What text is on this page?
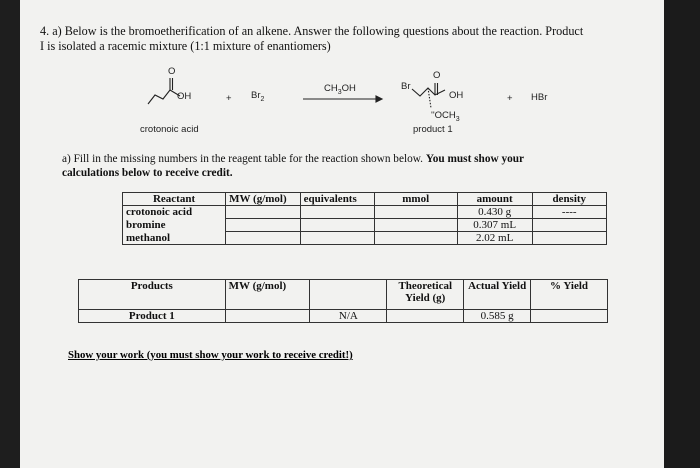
4. a) Below is the bromoetherification of an alkene. Answer the following questions about the reaction. Product
I is isolated a racemic mixture (1:1 mixture of enantiomers)
O
OH	+ $Br_2$
$CH_3OH$	Br
O
OH
''$OCH_3$
+ HBr
crotonoic acid	product 1
a) Fill in the missing numbers in the reagent table for the reaction shown below. You must show your
calculations below to receive credit.
Reactant	MW (g/mol)	equivalents	mmol	amount	density
crotonoic acid				0.430 g	----
bromine				0.307 mL	
methanol				2.02 mL	
Products	MW (g/mol)		Theoretical Yield (g)	Actual Yield	% Yield
Product 1		N/A		0.585 g	
Show your work (you must show your work to receive credit!)
